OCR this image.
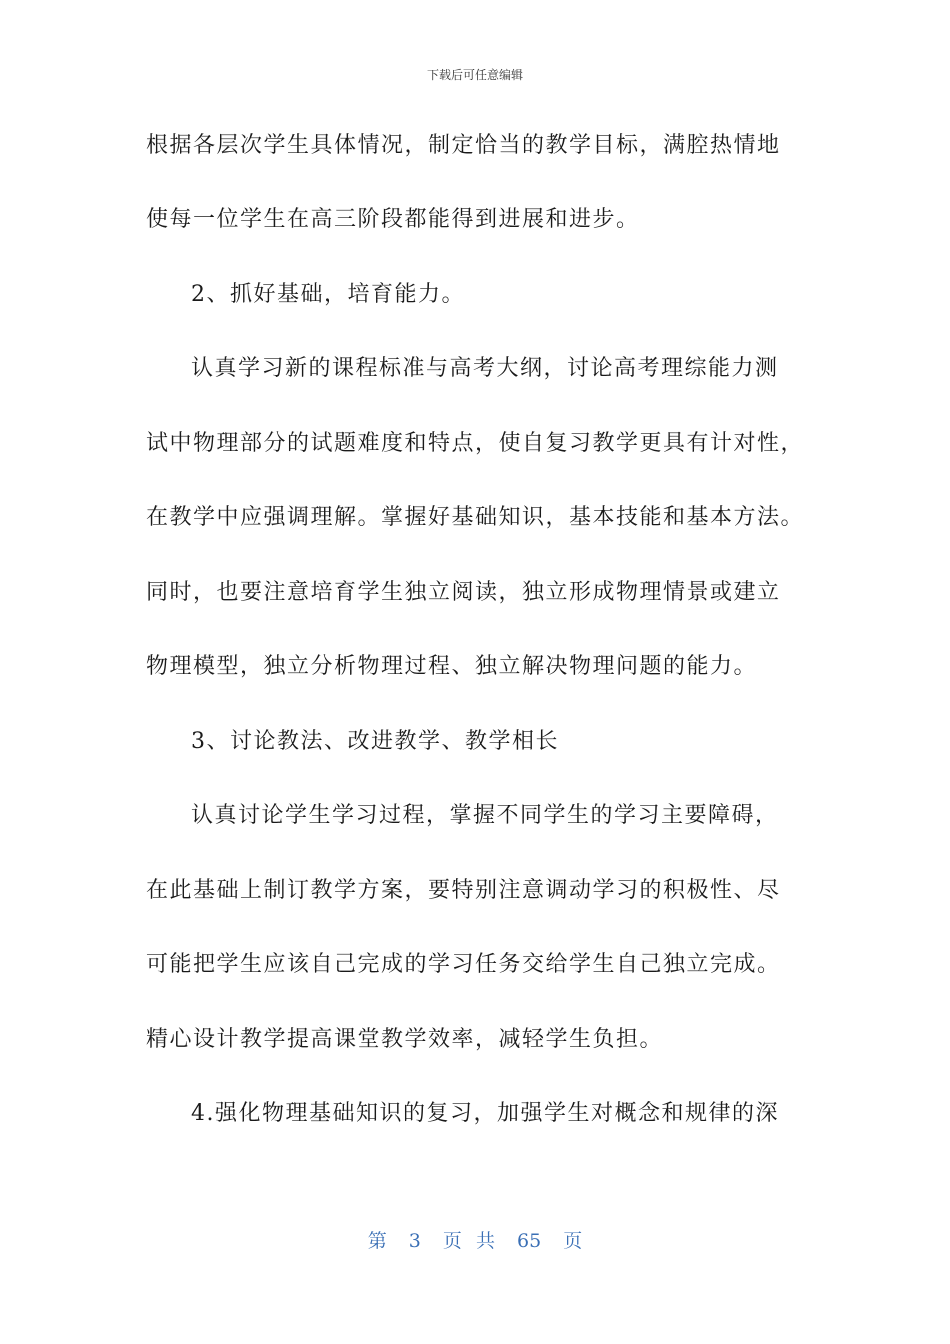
下载后可任意编辑
根据各层次学生具体情况，制定恰当的教学目标，满腔热情地
使每一位学生在高三阶段都能得到进展和进步。
2、抓好基础，培育能力。
认真学习新的课程标准与高考大纲，讨论高考理综能力测
试中物理部分的试题难度和特点，使自复习教学更具有计对性，
在教学中应强调理解。掌握好基础知识，基本技能和基本方法。
同时，也要注意培育学生独立阅读，独立形成物理情景或建立
物理模型，独立分析物理过程、独立解决物理问题的能力。
3、讨论教法、改进教学、教学相长
认真讨论学生学习过程，掌握不同学生的学习主要障碍，
在此基础上制订教学方案，要特别注意调动学习的积极性、尽
可能把学生应该自己完成的学习任务交给学生自己独立完成。
精心设计教学提高课堂教学效率，减轻学生负担。
4.强化物理基础知识的复习，加强学生对概念和规律的深
第 3 页 共 65 页
